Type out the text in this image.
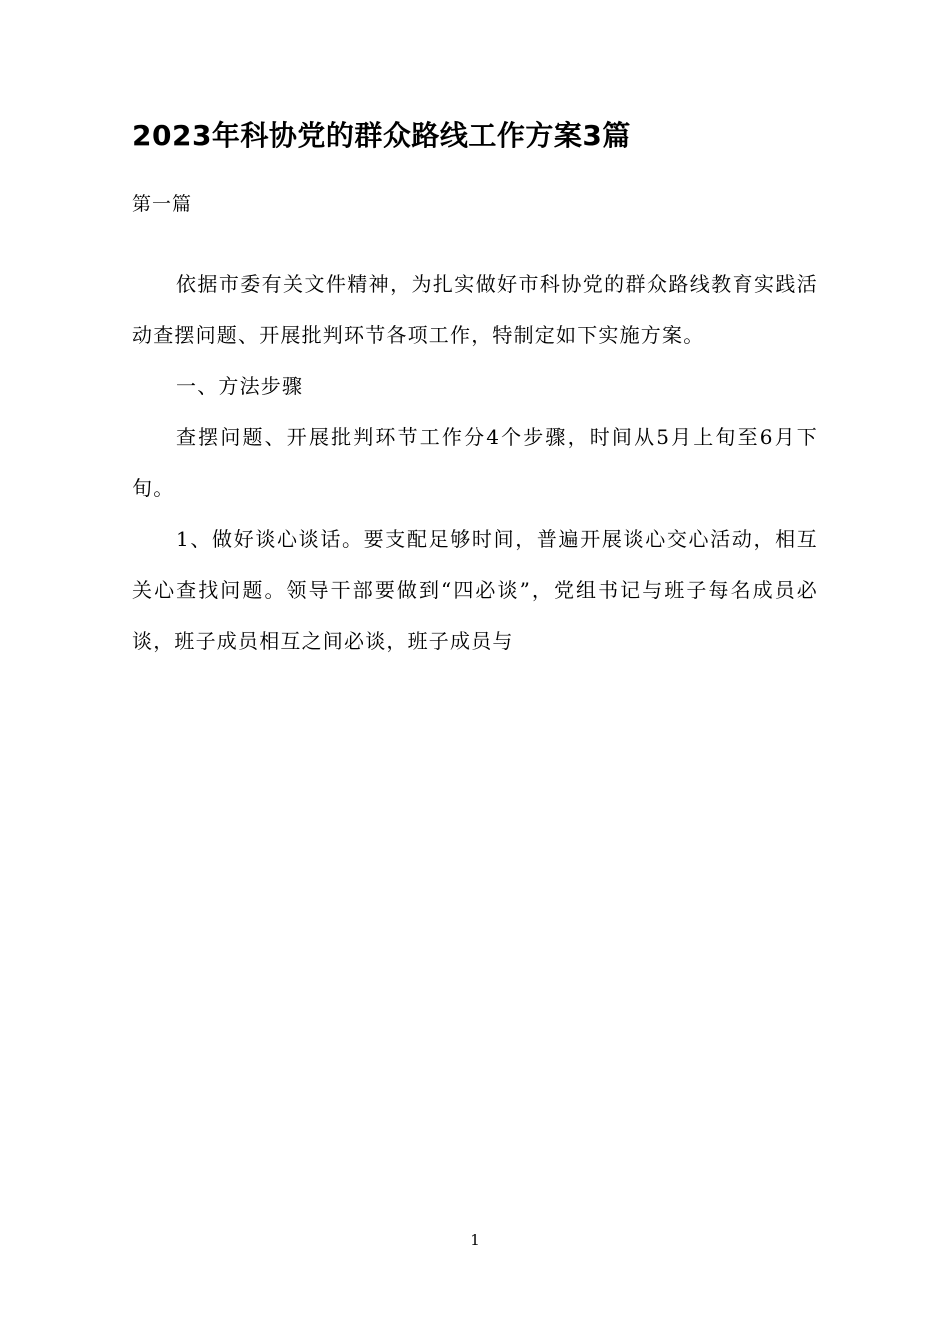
2023年科协党的群众路线工作方案3篇

第一篇

依据市委有关文件精神，为扎实做好市科协党的群众路线教育实践活动查摆问题、开展批判环节各项工作，特制定如下实施方案。

一、方法步骤

查摆问题、开展批判环节工作分4个步骤，时间从5月上旬至6月下旬。

1、做好谈心谈话。要支配足够时间，普遍开展谈心交心活动，相互关心查找问题。领导干部要做到“四必谈”，党组书记与班子每名成员必谈，班子成员相互之间必谈，班子成员与

1
